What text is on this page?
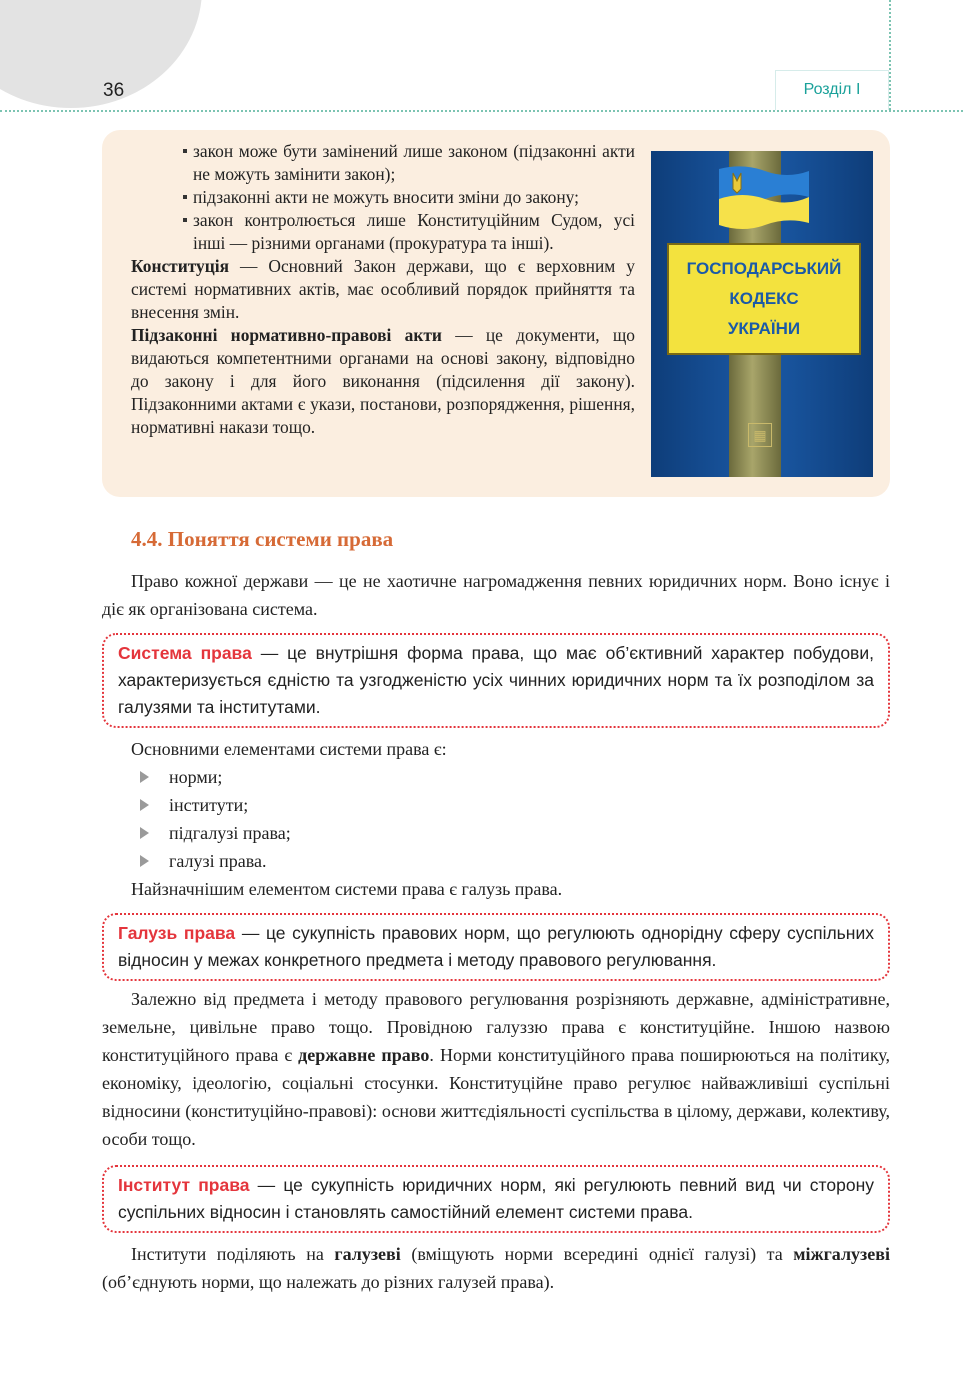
36	Розділ І
закон може бути замінений лише законом (підзаконні акти не можуть замінити закон);
підзаконні акти не можуть вносити зміни до закону;
закон контролюється лише Конституційним Судом, усі інші — різними органами (прокуратура та інші).

Конституція — Основний Закон держави, що є верховним у системі нормативних актів, має особливий порядок прийняття та внесення змін.

Підзаконні нормативно-правові акти — це документи, що видаються компетентними органами на основі закону, відповідно до закону і для його виконання (підсилення дії закону). Підзаконними актами є укази, постанови, розпорядження, рішення, нормативні накази тощо.

ГОСПОДАРСЬКИЙ
КОДЕКС
УКРАЇНИ
▦
4.4. Поняття системи права
Право кожної держави — це не хаотичне нагромадження певних юридичних норм. Воно існує і діє як організована система.
Система права — це внутрішня форма права, що має об’єктивний характер побудови, характеризується єдністю та узгодженістю усіх чинних юридичних норм та їх розподілом за галузями та інститутами.
Основними елементами системи права є:
норми;
інститути;
підгалузі права;
галузі права.
Найзначнішим елементом системи права є галузь права.
Галузь права — це сукупність правових норм, що регулюють однорідну сферу суспільних відносин у межах конкретного предмета і методу правового регулювання.
Залежно від предмета і методу правового регулювання розрізняють державне, адміністративне, земельне, цивільне право тощо. Провідною галуззю права є конституційне. Іншою назвою конституційного права є державне право. Норми конституційного права поширюються на політику, економіку, ідеологію, соціальні стосунки. Конституційне право регулює найважливіші суспільні відносини (конституційно-правові): основи життєдіяльності суспільства в цілому, держави, колективу, особи тощо.
Інститут права — це сукупність юридичних норм, які регулюють певний вид чи сторону суспільних відносин і становлять самостійний елемент системи права.
Інститути поділяють на галузеві (вміщують норми всередині однієї галузі) та міжгалузеві (об’єднують норми, що належать до різних галузей права).
